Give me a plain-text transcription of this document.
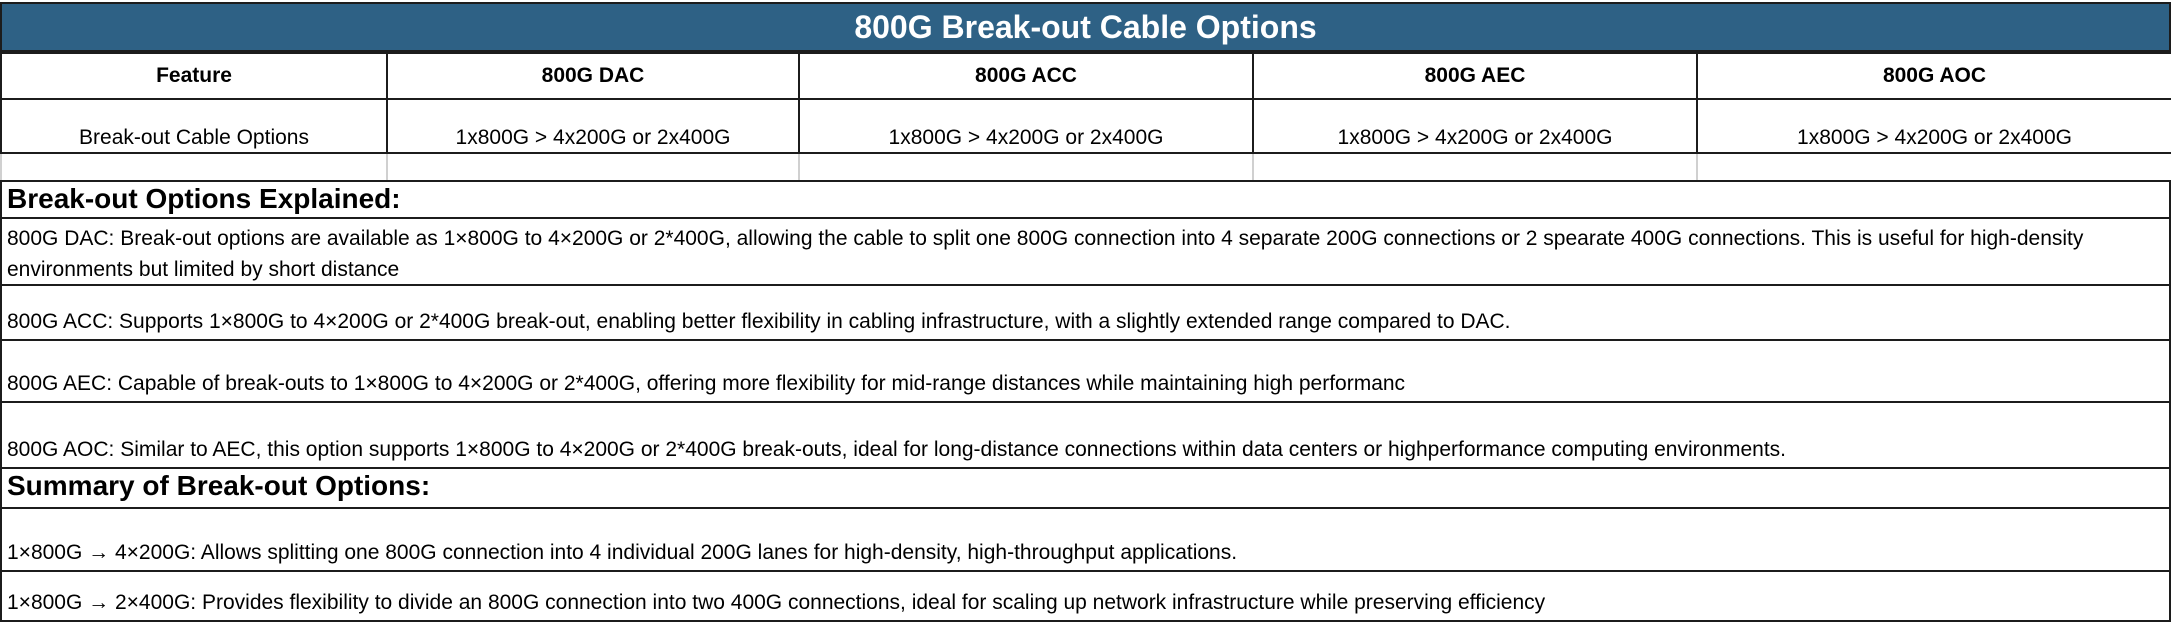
800G Break-out Cable Options
Feature	800G DAC	800G ACC	800G AEC	800G AOC
Break-out Cable Options	1x800G > 4x200G or 2x400G	1x800G > 4x200G or 2x400G	1x800G > 4x200G or 2x400G	1x800G > 4x200G or 2x400G

Break-out Options Explained:
800G DAC: Break-out options are available as 1×800G to 4×200G or 2*400G, allowing the cable to split one 800G connection into 4 separate 200G connections or 2 spearate 400G connections. This is useful for high-density environments but limited by short distance
800G ACC: Supports 1×800G to 4×200G or 2*400G break-out, enabling better flexibility in cabling infrastructure, with a slightly extended range compared to DAC.
800G AEC: Capable of break-outs to 1×800G to 4×200G or 2*400G, offering more flexibility for mid-range distances while maintaining high performanc
800G AOC: Similar to AEC, this option supports 1×800G to 4×200G or 2*400G break-outs, ideal for long-distance connections within data centers or highperformance computing environments.
Summary of Break-out Options:
1×800G → 4×200G: Allows splitting one 800G connection into 4 individual 200G lanes for high-density, high-throughput applications.
1×800G → 2×400G: Provides flexibility to divide an 800G connection into two 400G connections, ideal for scaling up network infrastructure while preserving efficiency
